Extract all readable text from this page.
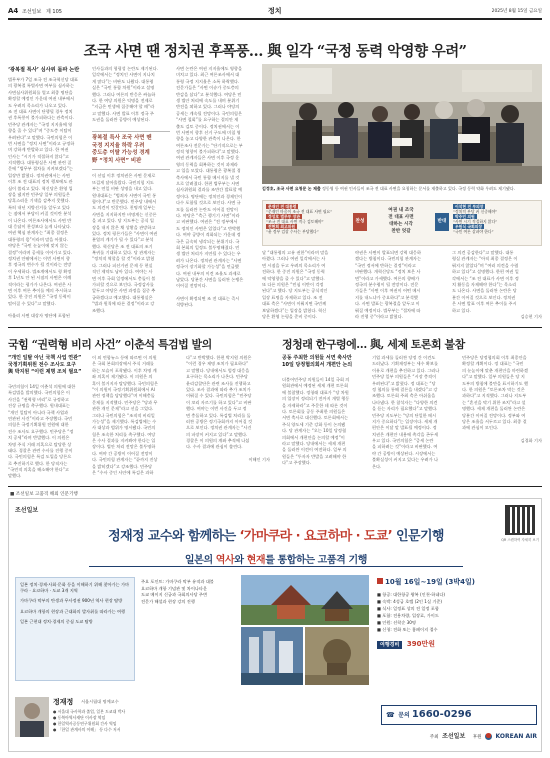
A4 조선일보 제 105	정치	2025년 8월 15일 금요일
조국 사면 땐 정치권 후폭풍… 與 일각 “국정 동력 악영향 우려”
‘광복절 특사’ 심사위 돌파 논란
법무부가 7일 조국 전 조국혁신당 대표
의 광복절 특별사면 여부를 심사하는
사면심사위원회를 열고 최종 명단을
확정할 예정인 가운데 여권 내부에서
도 우려의 목소리가 나오고 있다.
조 전 대표 사면이 단행될 경우 정치
권 후폭풍이 불가피하다는 관측이다.
민주당 관계자는 “국정 지지율에 영
향을 줄 수 있다”며 “중도층 이탈이
우려된다”고 말했다. 국민의힘은 이
번 사면을 “정치 사면”이라고 규정하
며 강하게 반발하고 있다. 한 여권
인사는 “시기가 적절하지 않다”고
지적했다. 대통령실은 사면 관련 질
문에 “법무부 절차를 지켜보겠다”는
입장만 밝혔다. 정치권에서는 사면
이후 조 전 대표의 정치 행보에도 관
심이 쏠리고 있다. 혁신당은 환영 입
장을 냈지만 민주당 일부 의원들은
당혹스러운 기색을 감추지 못했다.
특히 내년 지방선거를 앞두고 있다
는 점에서 부담이 커질 것이란 분석
이 나온다. 여론조사에서도 사면 반
대 응답이 찬성보다 높게 나타났다.
여권 핵심 관계자는 “최종 결정은
대통령의 몫”이라며 말을 아꼈다.
야당은 “국민 눈높이에 맞지 않는
결정”이라며 공세를 이어가고 있다.
정치권 안팎에서는 이번 사면이 향
후 정국의 변수가 될 것이라는 전망
이 우세하다. 법조계에서도 형 확정
후 1년도 안 된 시점의 사면은 이례
적이라는 평가가 나온다. 여권은 사
면 이후 여론 추이를 예의 주시하고
있다. 한 중진 의원은 “국정 동력이
떨어질 수 있다”고 말했다.

아울러 사면 대상자 명단에 포함된
인사들과의 형평성 논란도 제기된다.
일각에서는 “정치인 사면이 지나치
게 많다”는 비판도 나왔다. 대통령
실은 “국민 통합 차원”이라고 설명
했다. 그러나 여론의 반응은 싸늘하
다. 한 여당 의원은 익명을 전제로
“지금은 민생에 집중해야 할 때”라
고 말했다. 사면 발표 이후 정국 주
도권을 둘러싼 공방이 예상된다.
광복절 특사 조국 사면 땐
국정 지지율 하락 우려
중도층 이탈 가능성 경계
野 “정치 사면” 비판
이 선임 이후 정치권은 사면 문제로
뜨겁게 달아올랐다. 국민의힘 지도
부는 연일 비판 성명을 내고 있다.
원내대표는 “범죄자 사면이 국민 통
합이냐”고 반문했다. 민주당 내에서
도 의견이 엇갈린다. 친명계 일부는
사면을 지지하지만 비명계는 신중론
을 펴고 있다. 당 지도부는 공식 입
장을 내지 않은 채 상황을 관망하고
있다. 정치 평론가들은 “사면이 여권
분열의 계기가 될 수 있다”고 분석
했다. 혁신당은 조 전 대표의 조기
복귀를 기대하고 있다. 당 관계자는
“정치적 역할을 할 것”이라고 밝혔
다. 그러나 피선거권 문제 등 현실
적인 제약도 남아 있다. 여야는 사
면 이후 국회 일정에서도 충돌이 불
가피할 것으로 보인다. 국정감사를
앞두고 야당은 사면 과정을 집중 추
궁하겠다고 예고했다. 대통령실은
“법과 원칙에 따른 결정”이라고 강
조했다.
사면 논란은 여권 지지율에도 영향을
미치고 있다. 최근 여론조사에서 대
통령 국정 지지율은 소폭 하락했다.
전문가들은 “사면 이슈가 중도층의
반감을 샀다”고 분석했다. 여당은 민
생 법안 처리에 속도를 내며 분위기
반전을 꾀하고 있다. 그러나 야당의
공세는 계속될 전망이다. 국민의힘은
“사면 철회”를 요구하는 결의안 제
출도 검토 중이다. 정치권에서는 이
번 사면이 향후 선거 구도에 미칠 영
향을 놓고 다양한 관측이 나온다. 한
여론조사 전문가는 “단기적으로는 부
정적 영향이 불가피하다”고 말했다.
여권 관계자들은 사면 이후 국정 운
영의 동력을 회복하는 것이 과제라
고 입을 모았다. 대통령은 광복절 경
축사에서 국민 통합 메시지를 낼 것
으로 알려졌다. 한편 법무부는 사면
심사위원회 결과를 조만간 발표할 예
정이다. 명단에는 정치인과 경제인이
다수 포함될 것으로 보인다. 사면 규
모를 둘러싼 논란도 이어질 전망이
다. 야당은 “측근 챙기기 사면”이라
고 비판했다. 여권은 “전 정부에서
도 정치인 사면은 있었다”고 반박했
다. 여야 공방이 격화되는 가운데 정
국은 급속히 냉각되는 분위기다. 국
회 본회의 일정도 불투명해졌다. 민
생 법안 처리가 지연될 수 있다는 우
려가 나온다. 정치권 관계자는 “사면
정국이 장기화할 가능성”을 언급했
다. 여권 내부의 이견 조율도 과제로
남았다. 당분간 사면을 둘러싼 논쟁은
이어질 전망이다.

사면이 확정되면 조 전 대표는 즉시
석방된다.
김정호, 조국 사면 요청문 논 제출 정동영 등 여권 인사들이 조국 전 대표 사면을 요청하는 문서를 제출하고 있다. 국정 동력 약화 우려도 제기됐다.
문재인 전 대통령
“문재인 마음이 조국 전 대표 사면 필요”
정성호 법무부 장관
“조국 전 대표 사면 적극 검토해야”
전현희 최고위원
“윤 정부 검찰 수사는 부당했다”
찬성
여권 내 조국
전 대표 사면
대하는 시각
찬반 엇갈
반대
이석현 전 부의장
“정치적 부담 커 신중해야”
박주민 의원
“사면 시기 적절하지 않다”
우원식 국회의장
“국민 여론 살펴야 한다”
달 “대통령의 고유 권한”이라며 말을
아꼈다. 그러나 여권 일각에서는 사
면 시점을 두고 우려의 목소리가 여
전하다. 한 중진 의원은 “국정 동력
에 악영향을 줄 수 있다”고 말했다.
또 다른 의원은 “민심 이반이 걱정
된다”고 했다. 당 지도부는 공식적인
입장 표명을 자제하고 있다. 조 전
대표 측은 “사면이 이뤄지면 국민께
보답하겠다”는 입장을 밝혔다. 혁신
당은 환영 논평을 준비 중이다.
야권은 사면이 발표되면 강력 대응하
겠다는 방침이다. 국민의힘 관계자는
“국민 정서에 반하는 결정”이라고
비판했다. 개혁신당도 “정치 보은 사
면”이라고 가세했다. 여론의 향배가
정국의 분수령이 될 전망이다. 전문
가들은 “사면 이후 여권이 어떤 메시
지를 내느냐가 중요하다”고 분석했
다. 사면 발표는 광복절을 앞두고 이
뤄질 예정이다. 법무부는 “절차에 따
라 진행 중”이라고 밝혔다.
그 의견 공감한다”고 말했다. 대통
령실 관계자는 “아직 최종 결정은 이
뤄지지 않았다”며 “여러 의견을 수렴
하고 있다”고 설명했다. 한편 여권 일
각에서는 “조 전 대표가 사면 이후 정
치 활동을 자제해야 한다”는 목소리
도 나온다. 사면을 둘러싼 논란은 당
분간 이어질 것으로 보인다. 정치권
은 사면 발표 이후 여론 추이를 주시
하고 있다.
김승현 기자
국힘 “권력형 비리 사건” 이춘석 특검법 발의
“개인 일탈 아닌 국책 사업 연관”
국정기획위원 전수 조사도 요구
與 박지원 “이런 제명 조치 필요”
국민의힘이 14일 이춘석 의원에 대한
특검법을 발의했다. 국민의힘은 이
사건을 “권력형 비리”로 규정하고
진상 규명을 촉구했다. 원내대표는
“개인 일탈이 아니라 국책 사업과
연관된 사건”이라고 주장했다. 국민
의힘은 국정기획위원 전원에 대한
전수 조사도 요구했다. 민주당은 “정
치 공세”라며 반발했다. 이 의원은
차명 주식 거래 의혹으로 탈당한 상
태다. 경찰은 관련 수사를 진행 중이
다. 국민의힘은 특검 도입을 당론으
로 추진하기로 했다. 한 당직자는
“국민적 의혹을 해소해야 한다”고
말했다.
이 외 연합뉴스 등에 따르면 이 의원
은 국회 본회의장에서 주식 거래를
하는 모습이 포착됐다. 이후 차명 계
좌 의혹이 제기됐다. 이 의원은 의
혹이 불거지자 탈당했다. 국민의힘은
“이 의원이 국정기획위원회에서 AI
관련 정책을 담당했다”며 이해충돌
문제를 지적했다. 민주당은 “당과 무
관한 개인 문제”라고 선을 그었다.
그러나 국민의힘은 “조직적 비리일
가능성”을 제기했다. 특검법에는 수
사 대상과 범위가 명시됐다. 국민의
힘은 조속한 처리를 촉구했다. 여당
은 수사 결과를 지켜봐야 한다는 입
장이다. 법안 처리 전망은 불투명하
다. 여야 간 공방이 이어질 전망이
다. 국민의힘 관계자는 “끝까지 진상
을 밝히겠다”고 강조했다. 민주당
은 “수사 중인 사안에 특검은 과하
다”고 반박했다. 한편 박지원 의원은
“이런 경우 제명 조치가 필요하다”
고 말했다. 당내에서도 엄정 대응을
요구하는 목소리가 나온다. 민주당
윤리감찰단은 관련 조사를 진행하고
있다. 조사 결과에 따라 추가 조치가
이뤄질 수 있다. 국민의힘은 “민주당
이 꼬리 자르기를 하고 있다”고 비판
했다. 여야는 이번 사건을 두고 정
면 충돌하고 있다. 특검법 처리를 둘
러싼 공방은 정기국회까지 이어질 것
으로 보인다. 정치권 관계자는 “사건
의 파장이 커지고 있다”고 말했다.
경찰은 이 의원의 계좌 추적에 나섰
다. 수사 결과에 관심이 쏠린다.

이해인 기자
정청래 한구령에… 與, 세제 토론회 불참
공동 주최한 의원들 서면 축사만
10일 당정협의회서 개편안 논의
더불어민주당 의원들이 14일 국회 의
원회관에서 예정된 세제 개편 토론회
에 불참했다. 정청래 대표가 “당 차원
의 입장이 정리되기 전까지 개별 행동
을 자제하라”고 주문한 데 따른 것이
다. 토론회를 공동 주최한 의원들은
서면 축사로 대신했다. 토론회에서는
주식 양도세 기준 강화 등이 논의됐
다. 당 관계자는 “오는 10일 당정협
의회에서 개편안을 논의할 예정”이
라고 말했다. 당내에서는 세제 개편
을 둘러싼 이견이 여전하다. 일부 의
원들은 “투자자 반발을 고려해야 한
다”고 주장했다.
기업 과세를 둘러싼 당정 간 이견도
드러났다. 기획재정부는 세수 확보를
이유로 개편을 추진하고 있다. 그러나
민주당 일부 의원들은 “시장 충격이
우려된다”고 밝혔다. 정 대표는 “당
정 협의를 통해 결론을 내겠다”고 강
조했다. 토론회 주최 측은 아쉬움을
나타냈다. 한 참석자는 “다양한 의견
을 듣는 자리가 필요했다”고 말했다.
민주당 지도부는 “당의 단일한 메시
지가 중요하다”는 입장이다. 세제 개
편안은 이달 말 발표될 예정이다. 정
치권은 개편안 내용에 촉각을 곤두세
우고 있다. 국민의힘은 “증세 논란
을 피하려는 것”이라고 비판했다. 여
야 간 공방이 예상된다. 시장에서는
불확실성이 커지고 있다는 우려가 나
온다.
민주당은 당정협의회 이후 최종안을
확정할 계획이다. 정 대표는 “국민
의 눈높이에 맞춘 개편안을 마련하겠
다”고 말했다. 일부 의원들은 당 지
도부의 방침에 불만을 표시하기도 했
다. 한 의원은 “토론조차 막는 것은
과하다”고 지적했다. 그러나 지도부
는 “혼선을 막기 위한 조치”라고 설
명했다. 세제 개편을 둘러싼 논란은
당분간 이어질 전망이다. 정부와 여
당은 조율을 서두르고 있다. 최종 결
과에 관심이 모인다.

김경화 기자
■ 조선일보 고품격 해외 인문기행
조선일보
QR 스캔하여 자세히 보기
정재정 교수와 함께하는 ‘가마쿠라 · 요코하마 · 도쿄’ 인문기행
일본의 역사와 현재를 통합하는 고품격 기행
일본 정치·경제·사회·문화 등을 이해하기 위해 찾아가는 가마쿠라 · 요코하마 · 도쿄 3개 지역
가마쿠라 막부의 탄생과 무사정권 900년 역사 현장 탐방
요코하마 개항의 현장과 근대화의 발자취를 따라가는 여행
일본 근현대 정치·경제의 중심 도쿄 탐방
주요 포인트: 가마쿠라 막부 유적과 대불
요코하마 개항 기념관 및 차이나타운
도쿄 메이지 신궁과 국회의사당 주변
전문가 해설과 현장 강의 진행
10월 16일~19일 (3박4일)
■ 항공: 대한항공 왕복 (인천-하네다)
■ 숙박: 4성급 호텔 (2인 1실 기준)
■ 식사: 일정표 상의 전 일정 포함
■ 포함: 전용차량, 입장료, 가이드
■ 인원: 선착순 30명
■ 신청: 전화 또는 홈페이지 접수
여행경비 390만원
정재정 서울시립대 명예교수
● 서울대 국사학과 졸업, 일본 도쿄대 박사
● 동북아역사재단 이사장 역임
● 한일역사공동연구위원회 간사 역임
● 「한일 관계사의 이해」 등 다수 저서
☎ 문의 1660-0296
주최 조선일보 후원 KOREAN AIR
